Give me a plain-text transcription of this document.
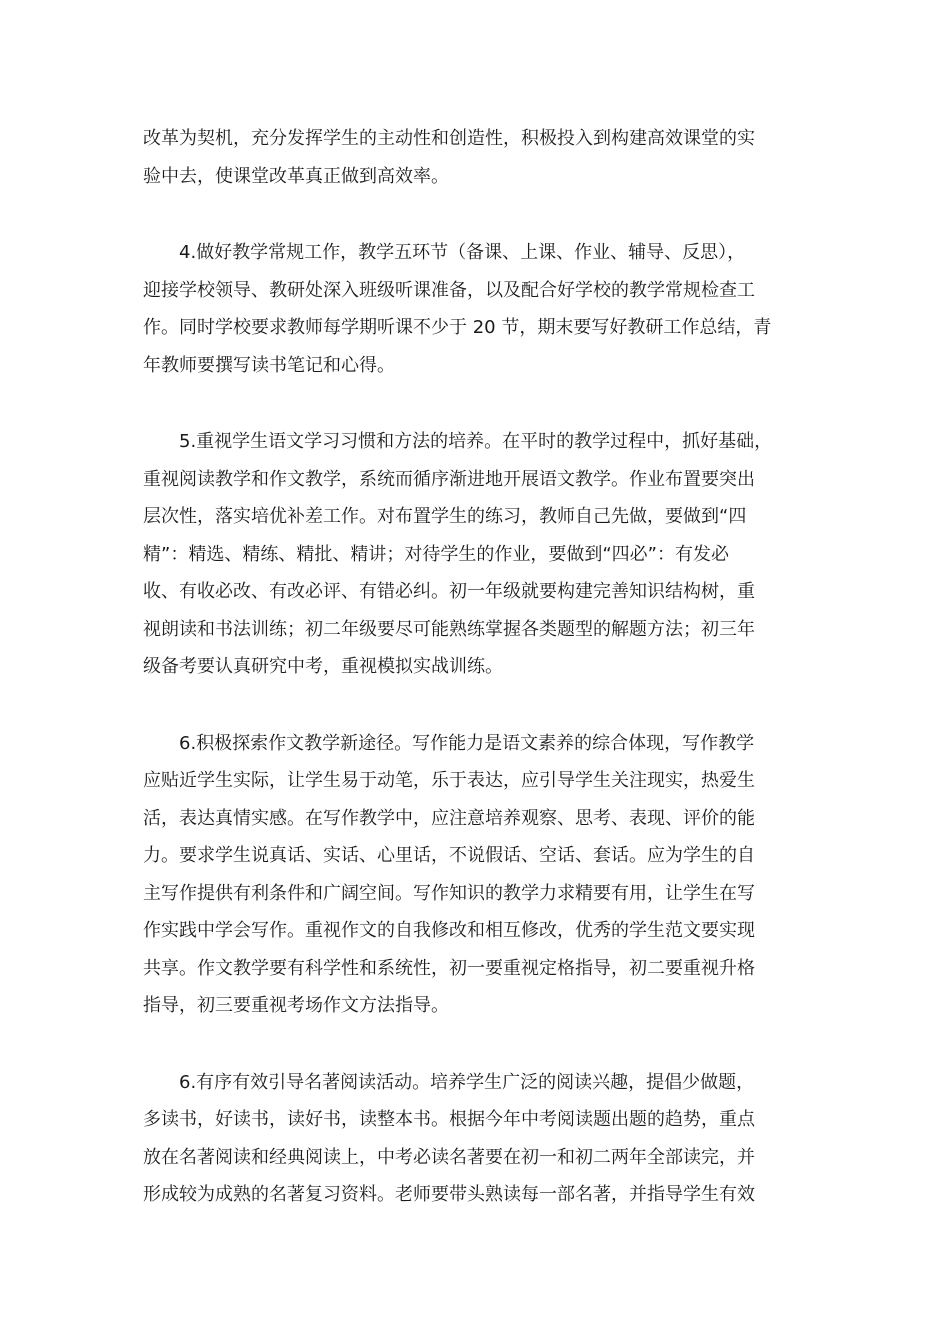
改革为契机，充分发挥学生的主动性和创造性，积极投入到构建高效课堂的实
验中去，使课堂改革真正做到高效率。

4.做好教学常规工作，教学五环节（备课、上课、作业、辅导、反思），
迎接学校领导、教研处深入班级听课准备，以及配合好学校的教学常规检查工
作。同时学校要求教师每学期听课不少于 20 节，期末要写好教研工作总结，青
年教师要撰写读书笔记和心得。

5.重视学生语文学习习惯和方法的培养。在平时的教学过程中，抓好基础，
重视阅读教学和作文教学，系统而循序渐进地开展语文教学。作业布置要突出
层次性，落实培优补差工作。对布置学生的练习，教师自己先做，要做到“四
精”：精选、精练、精批、精讲；对待学生的作业，要做到“四必”：有发必
收、有收必改、有改必评、有错必纠。初一年级就要构建完善知识结构树，重
视朗读和书法训练；初二年级要尽可能熟练掌握各类题型的解题方法；初三年
级备考要认真研究中考，重视模拟实战训练。

6.积极探索作文教学新途径。写作能力是语文素养的综合体现，写作教学
应贴近学生实际，让学生易于动笔，乐于表达，应引导学生关注现实，热爱生
活，表达真情实感。在写作教学中，应注意培养观察、思考、表现、评价的能
力。要求学生说真话、实话、心里话，不说假话、空话、套话。应为学生的自
主写作提供有利条件和广阔空间。写作知识的教学力求精要有用，让学生在写
作实践中学会写作。重视作文的自我修改和相互修改，优秀的学生范文要实现
共享。作文教学要有科学性和系统性，初一要重视定格指导，初二要重视升格
指导，初三要重视考场作文方法指导。

6.有序有效引导名著阅读活动。培养学生广泛的阅读兴趣，提倡少做题，
多读书，好读书，读好书，读整本书。根据今年中考阅读题出题的趋势，重点
放在名著阅读和经典阅读上，中考必读名著要在初一和初二两年全部读完，并
形成较为成熟的名著复习资料。老师要带头熟读每一部名著，并指导学生有效
